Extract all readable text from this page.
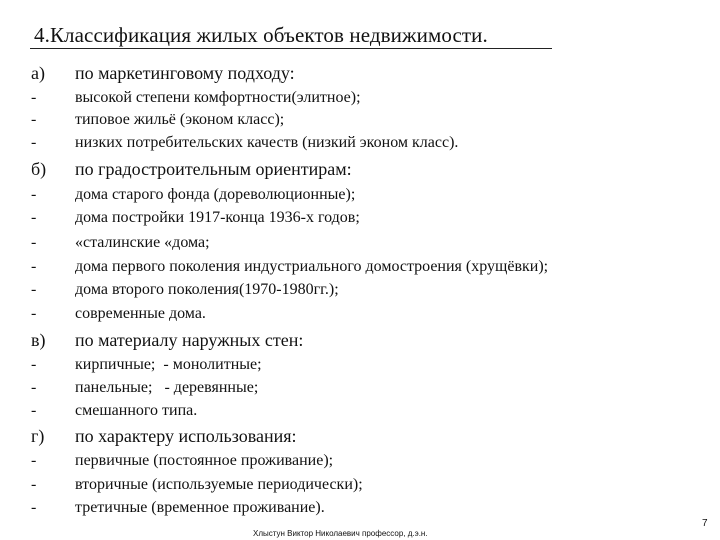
4.Классификация жилых объектов недвижимости.
а) по маркетинговому подходу:
- высокой степени комфортности(элитное);
- типовое жильё (эконом класс);
- низких потребительских качеств (низкий эконом класс).
б) по градостроительным ориентирам:
- дома старого фонда (дореволюционные);
- дома постройки 1917-конца 1936-х годов;
- «сталинские «дома;
- дома первого поколения индустриального домостроения (хрущёвки);
- дома второго поколения(1970-1980гг.);
- современные дома.
в) по материалу наружных стен:
- кирпичные;  - монолитные;
- панельные;   - деревянные;
- смешанного типа.
г) по характеру использования:
- первичные (постоянное проживание);
- вторичные (используемые периодически);
- третичные (временное проживание).
Хлыстун Виктор Николаевич профессор, д.э.н.
7
